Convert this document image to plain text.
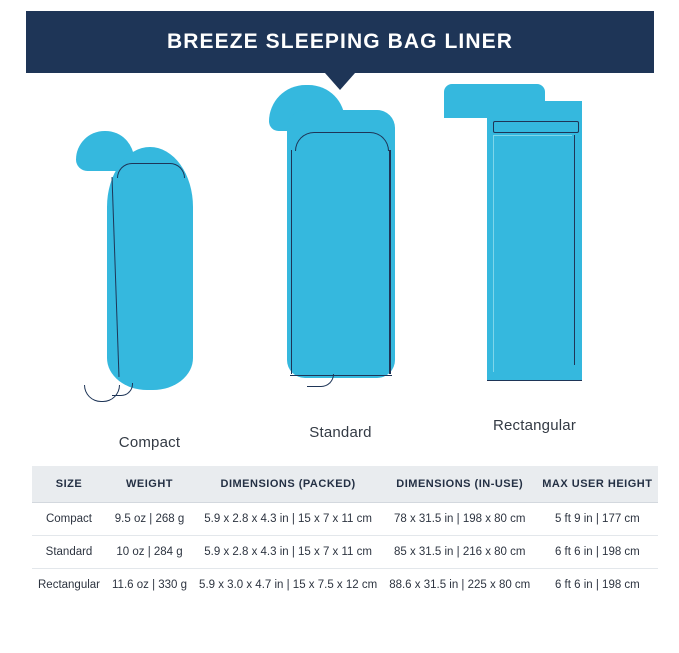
BREEZE SLEEPING BAG LINER
Compact
Standard	Rectangular
SIZE	WEIGHT	DIMENSIONS (PACKED)	DIMENSIONS (IN-USE)	MAX USER HEIGHT
Compact	9.5 oz | 268 g	5.9 x 2.8 x 4.3 in | 15 x 7 x 11 cm	78 x 31.5 in | 198 x 80 cm	5 ft 9 in | 177 cm
Standard	10 oz | 284 g	5.9 x 2.8 x 4.3 in | 15 x 7 x 11 cm	85 x 31.5 in | 216 x 80 cm	6 ft 6 in | 198 cm
Rectangular	11.6 oz | 330 g	5.9 x 3.0 x 4.7 in | 15 x 7.5 x 12 cm	88.6 x 31.5 in | 225 x 80 cm	6 ft 6 in | 198 cm
